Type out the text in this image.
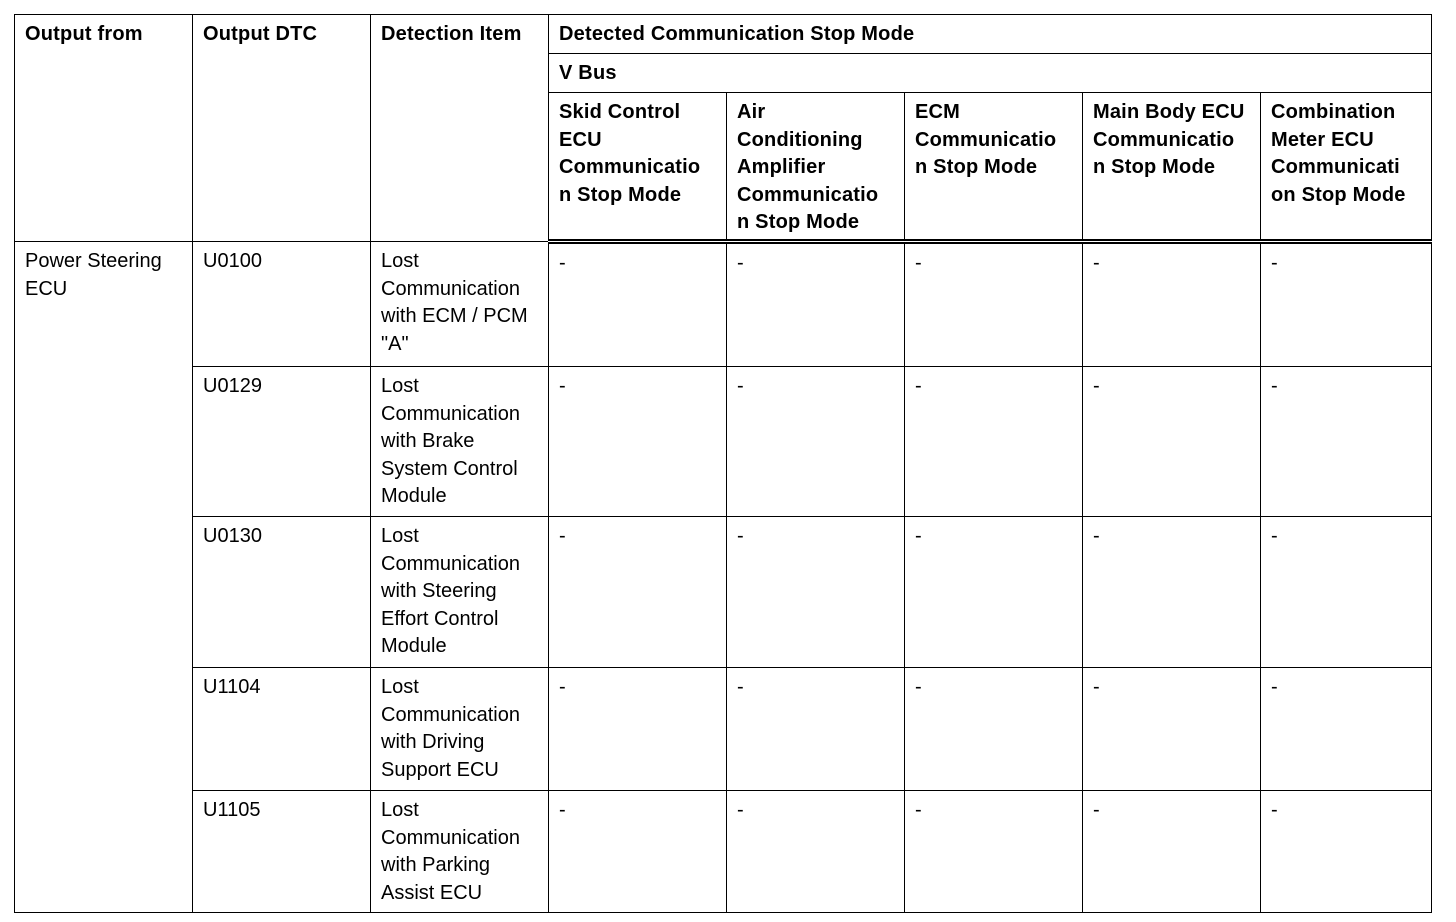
Output from	Output DTC	Detection Item	Detected Communication Stop Mode				
			V Bus				
			Skid Control ECU Communicatio n Stop Mode	Air Conditioning Amplifier Communicatio n Stop Mode	ECM Communicatio n Stop Mode	Main Body ECU Communicatio n Stop Mode	Combination Meter ECU Communicati on Stop Mode
Power Steering ECU	U0100	Lost Communication with ECM / PCM "A"	-	-	-	-	-
	U0129	Lost Communication with Brake System Control Module	-	-	-	-	-
	U0130	Lost Communication with Steering Effort Control Module	-	-	-	-	-
	U1104	Lost Communication with Driving Support ECU	-	-	-	-	-
	U1105	Lost Communication with Parking Assist ECU	-	-	-	-	-
